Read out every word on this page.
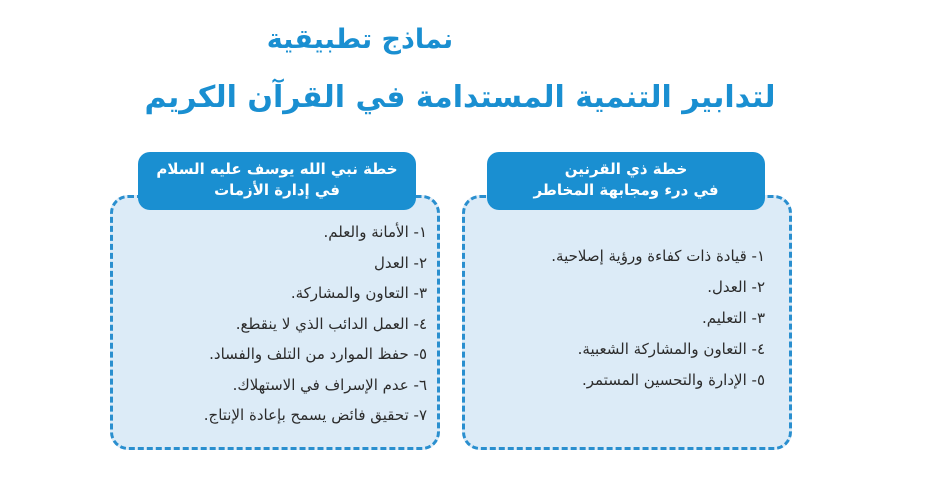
نماذج تطبيقية
لتدابير التنمية المستدامة في القرآن الكريم
خطة نبي الله يوسف عليه السلام
في إدارة الأزمات
١- الأمانة والعلم.
٢- العدل
٣- التعاون والمشاركة.
٤- العمل الدائب الذي لا ينقطع.
٥- حفظ الموارد من التلف والفساد.
٦- عدم الإسراف في الاستهلاك.
٧- تحقيق فائض يسمح بإعادة الإنتاج.
خطة ذي القرنين
في درء ومجابهة المخاطر
١- قيادة ذات كفاءة ورؤية إصلاحية.
٢- العدل.
٣- التعليم.
٤- التعاون والمشاركة الشعبية.
٥- الإدارة والتحسين المستمر.
